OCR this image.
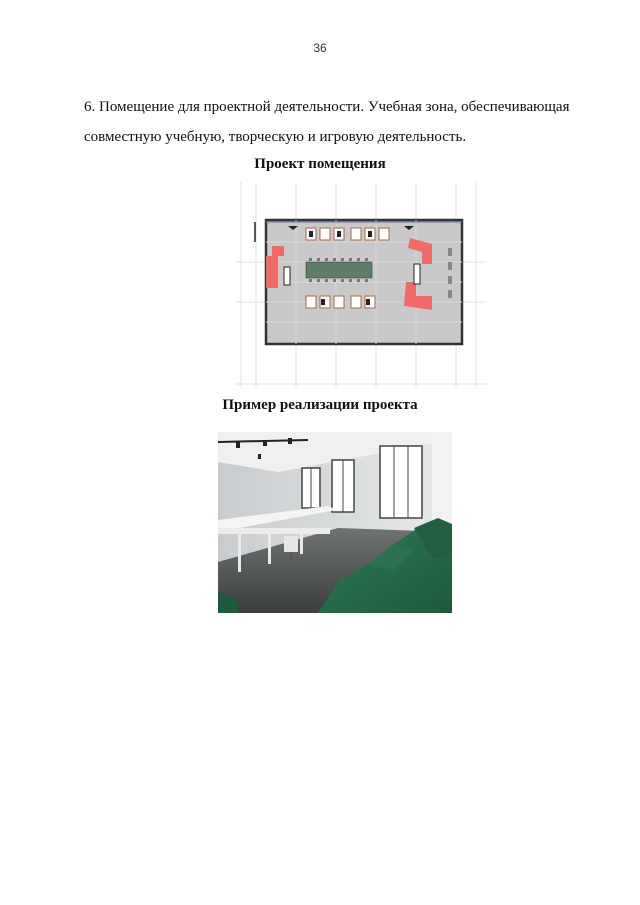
36
6. Помещение для проектной деятельности. Учебная зона, обеспечивающая совместную учебную, творческую и игровую деятельность.
Проект помещения
Пример реализации проекта
